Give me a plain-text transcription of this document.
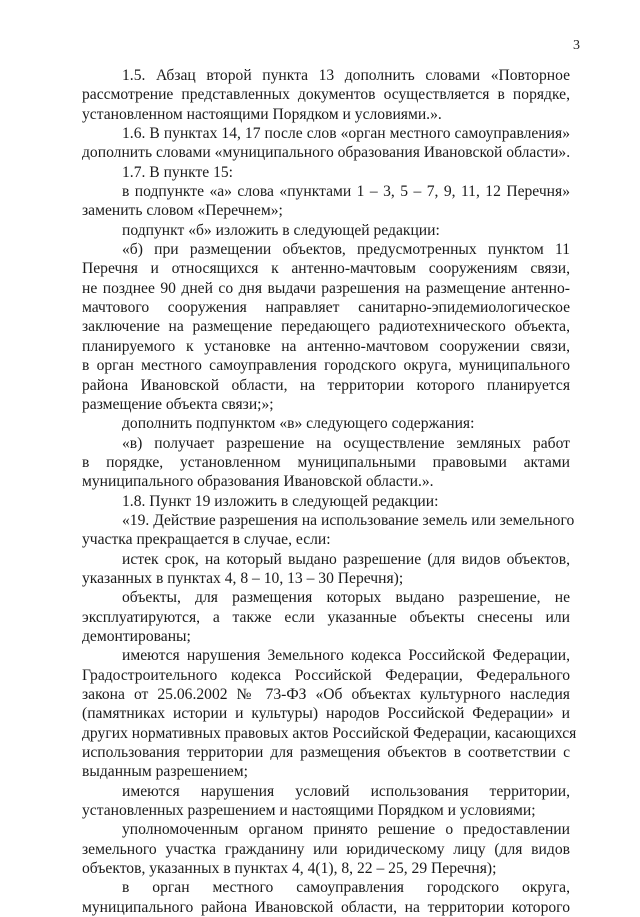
3
1.5. Абзац второй пункта 13 дополнить словами «Повторное
рассмотрение представленных документов осуществляется в порядке,
установленном настоящими Порядком и условиями.».
1.6. В пунктах 14, 17 после слов «орган местного самоуправления»
дополнить словами «муниципального образования Ивановской области».
1.7. В пункте 15:
в подпункте «а» слова «пунктами 1 – 3, 5 – 7, 9, 11, 12 Перечня»
заменить словом «Перечнем»;
подпункт «б» изложить в следующей редакции:
«б) при размещении объектов, предусмотренных пунктом 11
Перечня и относящихся к антенно-мачтовым сооружениям связи,
не позднее 90 дней со дня выдачи разрешения на размещение антенно-
мачтового сооружения направляет санитарно-эпидемиологическое
заключение на размещение передающего радиотехнического объекта,
планируемого к установке на антенно-мачтовом сооружении связи,
в орган местного самоуправления городского округа, муниципального
района Ивановской области, на территории которого планируется
размещение объекта связи;»;
дополнить подпунктом «в» следующего содержания:
«в) получает разрешение на осуществление земляных работ
в порядке, установленном муниципальными правовыми актами
муниципального образования Ивановской области.».
1.8. Пункт 19 изложить в следующей редакции:
«19. Действие разрешения на использование земель или земельного
участка прекращается в случае, если:
истек срок, на который выдано разрешение (для видов объектов,
указанных в пунктах 4, 8 – 10, 13 – 30 Перечня);
объекты, для размещения которых выдано разрешение, не
эксплуатируются, а также если указанные объекты снесены или
демонтированы;
имеются нарушения Земельного кодекса Российской Федерации,
Градостроительного кодекса Российской Федерации, Федерального
закона от 25.06.2002 № 73-ФЗ «Об объектах культурного наследия
(памятниках истории и культуры) народов Российской Федерации» и
других нормативных правовых актов Российской Федерации, касающихся
использования территории для размещения объектов в соответствии с
выданным разрешением;
имеются нарушения условий использования территории,
установленных разрешением и настоящими Порядком и условиями;
уполномоченным органом принято решение о предоставлении
земельного участка гражданину или юридическому лицу (для видов
объектов, указанных в пунктах 4, 4(1), 8, 22 – 25, 29 Перечня);
в орган местного самоуправления городского округа,
муниципального района Ивановской области, на территории которого
